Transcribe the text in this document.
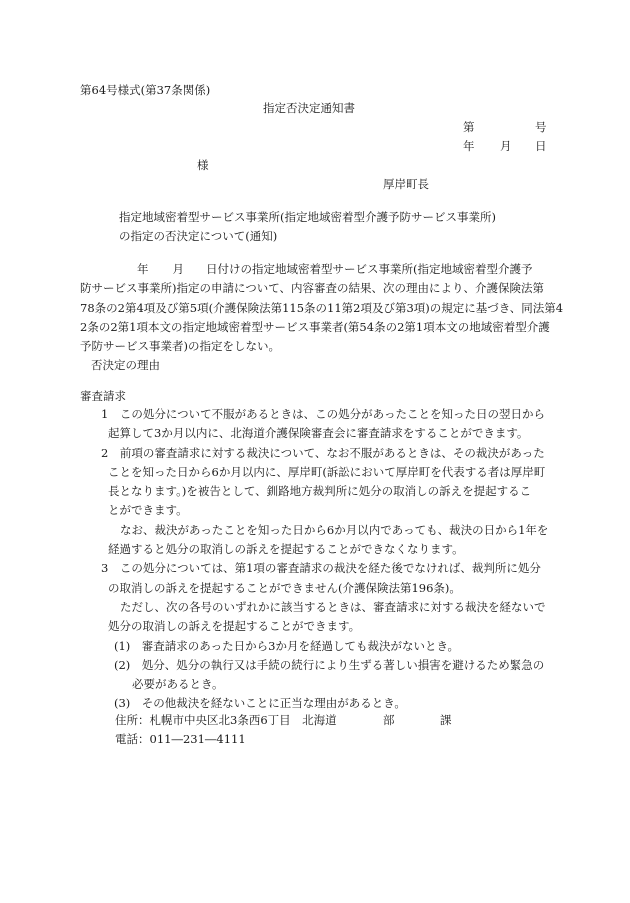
第64号様式(第37条関係)
指定否決定通知書
第	号
年 月 日
様
厚岸町長
指定地域密着型サービス事業所(指定地域密着型介護予防サービス事業所)
の指定の否決定について(通知)
年 月 日付けの指定地域密着型サービス事業所(指定地域密着型介護予
防サービス事業所)指定の申請について、内容審査の結果、次の理由により、介護保険法第
78条の2第4項及び第5項(介護保険法第115条の11第2項及び第3項)の規定に基づき、同法第4
2条の2第1項本文の指定地域密着型サービス事業者(第54条の2第1項本文の地域密着型介護
予防サービス事業者)の指定をしない。
否決定の理由
審査請求
1　この処分について不服があるときは、この処分があったことを知った日の翌日から
起算して3か月以内に、北海道介護保険審査会に審査請求をすることができます。
2　前項の審査請求に対する裁決について、なお不服があるときは、その裁決があった
ことを知った日から6か月以内に、厚岸町(訴訟において厚岸町を代表する者は厚岸町
長となります。)を被告として、釧路地方裁判所に処分の取消しの訴えを提起するこ
とができます。
なお、裁決があったことを知った日から6か月以内であっても、裁決の日から1年を
経過すると処分の取消しの訴えを提起することができなくなります。
3　この処分については、第1項の審査請求の裁決を経た後でなければ、裁判所に処分
の取消しの訴えを提起することができません(介護保険法第196条)。
ただし、次の各号のいずれかに該当するときは、審査請求に対する裁決を経ないで
処分の取消しの訴えを提起することができます。
(1)　審査請求のあった日から3か月を経過しても裁決がないとき。
(2)　処分、処分の執行又は手続の続行により生ずる著しい損害を避けるため緊急の
必要があるとき。
(3)　その他裁決を経ないことに正当な理由があるとき。
住所：札幌市中央区北3条西6丁目　北海道	部	課
電話：011―231―4111
